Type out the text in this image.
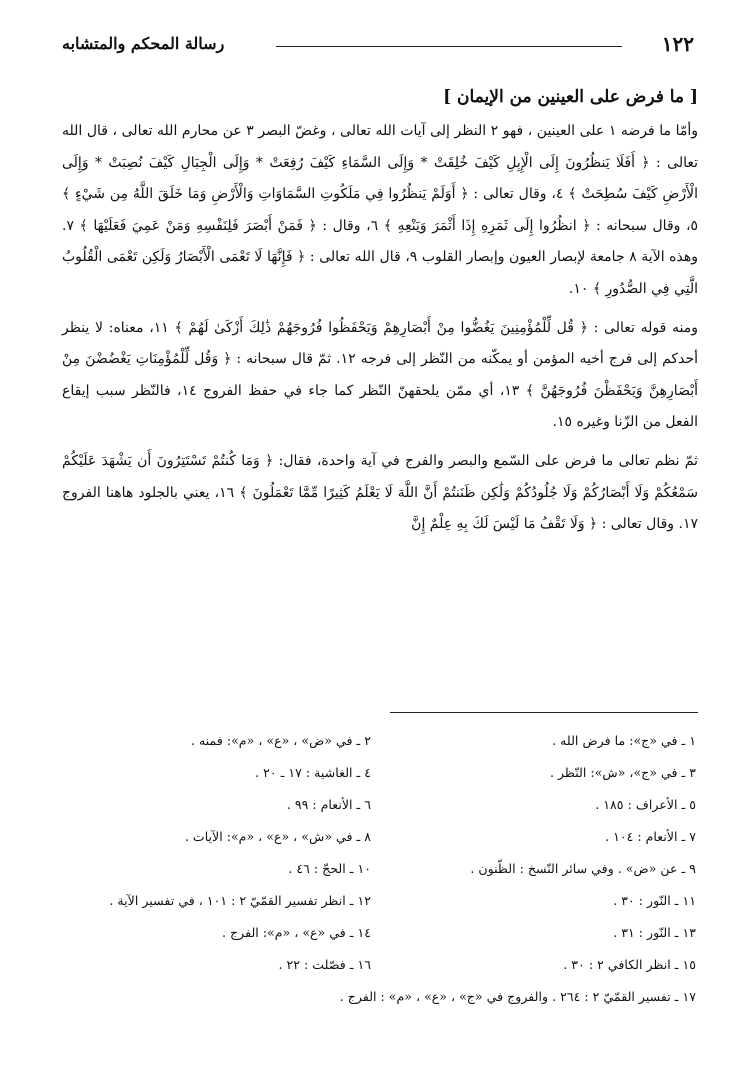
١٢٢
رسالة المحكم والمتشابه
[ ما فرض على العينين من الإيمان ]

وأمّا ما فرضه ١ على العينين ، فهو ٢ النظر إلى آيات الله تعالى ، وغضّ البصر ٣ عن محارم الله تعالى ، قال الله تعالى : ﴿ أَفَلَا يَنظُرُونَ إِلَى الْإِبِلِ كَيْفَ خُلِقَتْ * وَإِلَى السَّمَاءِ كَيْفَ رُفِعَتْ * وَإِلَى الْجِبَالِ كَيْفَ نُصِبَتْ * وَإِلَى الْأَرْضِ كَيْفَ سُطِحَتْ ﴾ ٤، وقال تعالى : ﴿ أَوَلَمْ يَنظُرُوا فِي مَلَكُوتِ السَّمَاوَاتِ وَالْأَرْضِ وَمَا خَلَقَ اللَّهُ مِن شَيْءٍ ﴾ ٥، وقال سبحانه : ﴿ انظُرُوا إِلَى ثَمَرِهِ إِذَا أَثْمَرَ وَيَنْعِهِ ﴾ ٦، وقال : ﴿ فَمَنْ أَبْصَرَ فَلِنَفْسِهِ وَمَنْ عَمِيَ فَعَلَيْهَا ﴾ ٧. وهذه الآية ٨ جامعة لإبصار العيون وإبصار القلوب ٩، قال الله تعالى : ﴿ فَإِنَّهَا لَا تَعْمَى الْأَبْصَارُ وَلَكِن تَعْمَى الْقُلُوبُ الَّتِي فِي الصُّدُورِ ﴾ ١٠.

ومنه قوله تعالى : ﴿ قُل لِّلْمُؤْمِنِينَ يَغُضُّوا مِنْ أَبْصَارِهِمْ وَيَحْفَظُوا فُرُوجَهُمْ ذَٰلِكَ أَزْكَىٰ لَهُمْ ﴾ ١١، معناه: لا ينظر أحدكم إلى فرج أخيه المؤمن أو يمكّنه من النّظر إلى فرجه ١٢. ثمّ قال سبحانه : ﴿ وَقُل لِّلْمُؤْمِنَاتِ يَغْضُضْنَ مِنْ أَبْصَارِهِنَّ وَيَحْفَظْنَ فُرُوجَهُنَّ ﴾ ١٣، أي ممّن يلحقهنّ النّظر كما جاء في حفظ الفروج ١٤، فالنّظر سبب إيقاع الفعل من الزّنا وغيره ١٥.

ثمّ نظم تعالى ما فرض على السّمع والبصر والفرج في آية واحدة، فقال: ﴿ وَمَا كُنتُمْ تَسْتَتِرُونَ أَن يَشْهَدَ عَلَيْكُمْ سَمْعُكُمْ وَلَا أَبْصَارُكُمْ وَلَا جُلُودُكُمْ وَلَٰكِن ظَنَنتُمْ أَنَّ اللَّهَ لَا يَعْلَمُ كَثِيرًا مِّمَّا تَعْمَلُونَ ﴾ ١٦، يعني بالجلود هاهنا الفروج ١٧. وقال تعالى : ﴿ وَلَا تَقْفُ مَا لَيْسَ لَكَ بِهِ عِلْمٌ إِنَّ

١ ـ في «ج»: ما فرض الله .
٢ ـ في «ض» ، «ع» ، «م»: فمنه .
٣ ـ في «ج»، «ش»: النّظر .
٤ ـ الغاشية : ١٧ ـ ٢٠ .
٥ ـ الأعراف : ١٨٥ .
٦ ـ الأنعام : ٩٩ .
٧ ـ الأنعام : ١٠٤ .
٨ ـ في «ش» ، «ع» ، «م»: الآيات .
٩ ـ عن «ض» . وفي سائر النّسخ : الظّنون .
١٠ ـ الحجّ : ٤٦ .
١١ ـ النّور : ٣٠ .
١٢ ـ انظر تفسير القمّيّ ٢ : ١٠١ ، في تفسير الآية .
١٣ ـ النّور : ٣١ .
١٤ ـ في «ع» ، «م»: الفرج .
١٥ ـ انظر الكافي ٢ : ٣٠ .
١٦ ـ فصّلت : ٢٢ .
١٧ ـ تفسير القمّيّ ٢ : ٢٦٤ . والفروج في «ج» ، «ع» ، «م» : الفرج .
